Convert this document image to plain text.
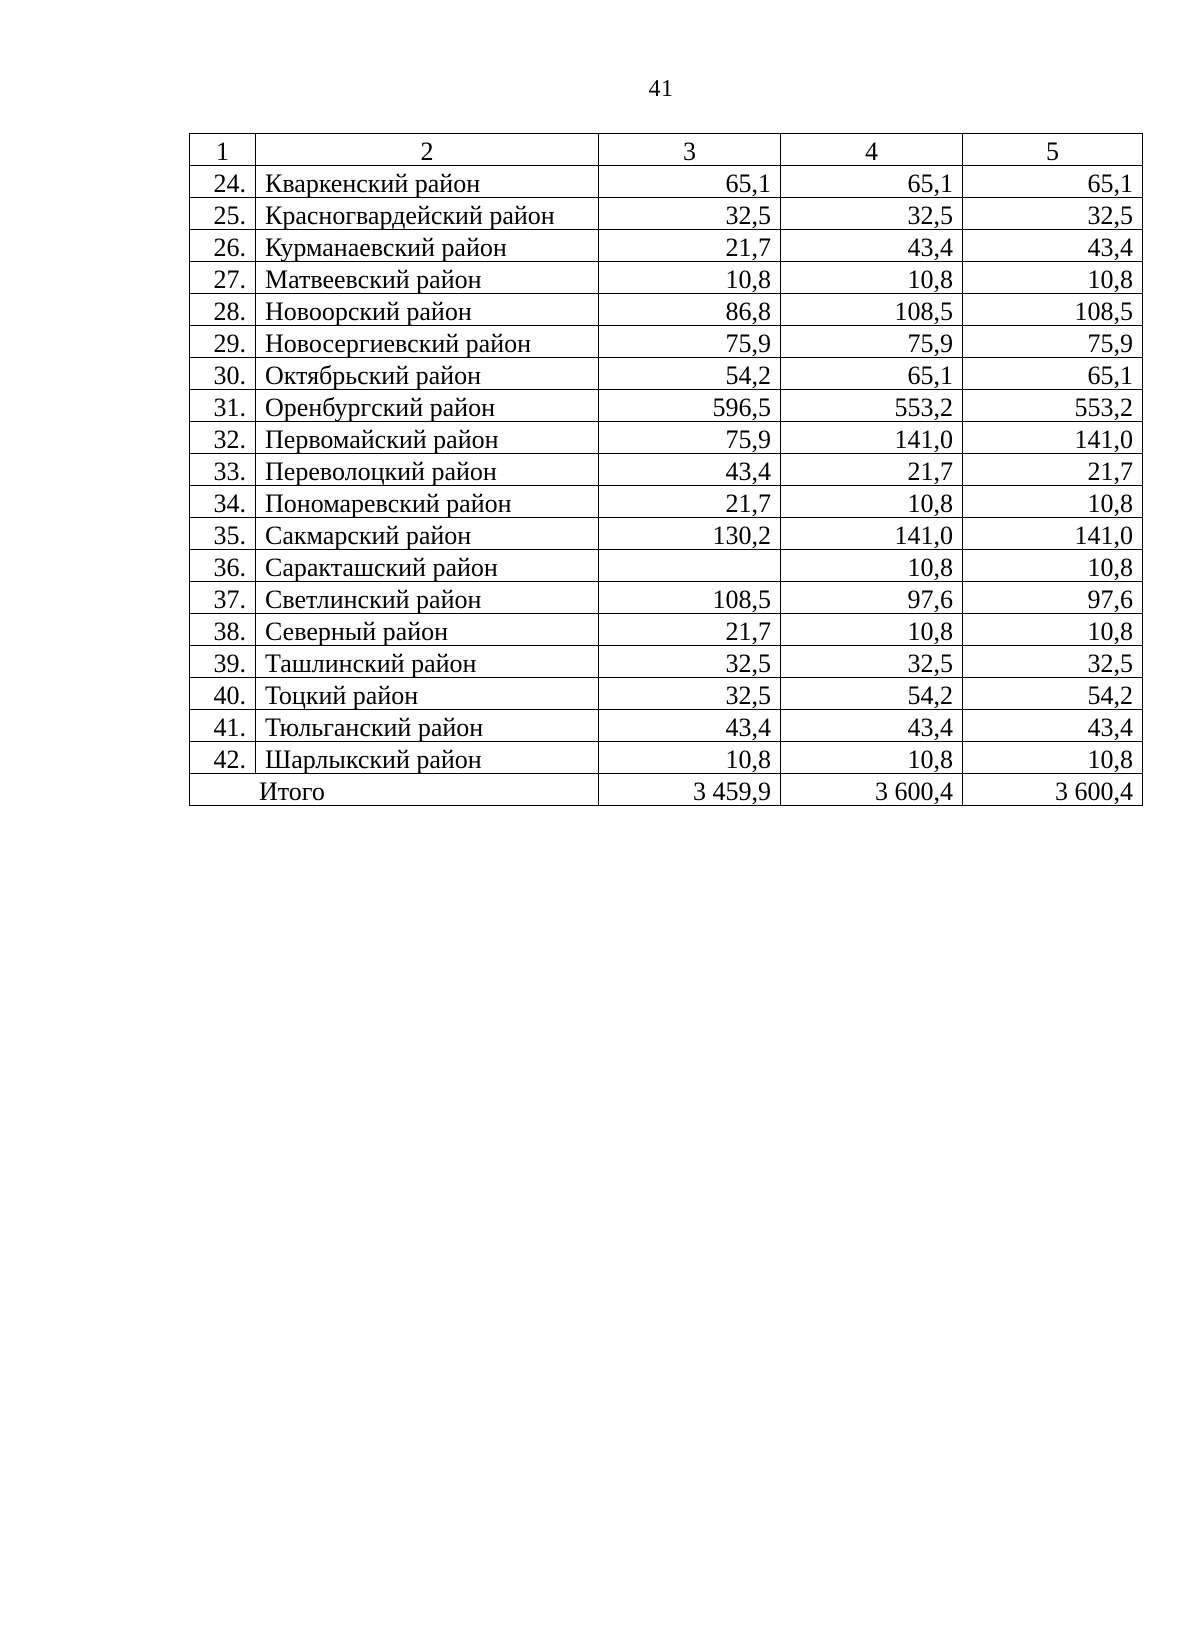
41
1	2	3	4	5
24.	Кваркенский район	65,1	65,1	65,1
25.	Красногвардейский район	32,5	32,5	32,5
26.	Курманаевский район	21,7	43,4	43,4
27.	Матвеевский район	10,8	10,8	10,8
28.	Новоорский район	86,8	108,5	108,5
29.	Новосергиевский район	75,9	75,9	75,9
30.	Октябрьский район	54,2	65,1	65,1
31.	Оренбургский район	596,5	553,2	553,2
32.	Первомайский район	75,9	141,0	141,0
33.	Переволоцкий район	43,4	21,7	21,7
34.	Пономаревский район	21,7	10,8	10,8
35.	Сакмарский район	130,2	141,0	141,0
36.	Саракташский район		10,8	10,8
37.	Светлинский район	108,5	97,6	97,6
38.	Северный район	21,7	10,8	10,8
39.	Ташлинский район	32,5	32,5	32,5
40.	Тоцкий район	32,5	54,2	54,2
41.	Тюльганский район	43,4	43,4	43,4
42.	Шарлыкский район	10,8	10,8	10,8
Итого		3 459,9	3 600,4	3 600,4
